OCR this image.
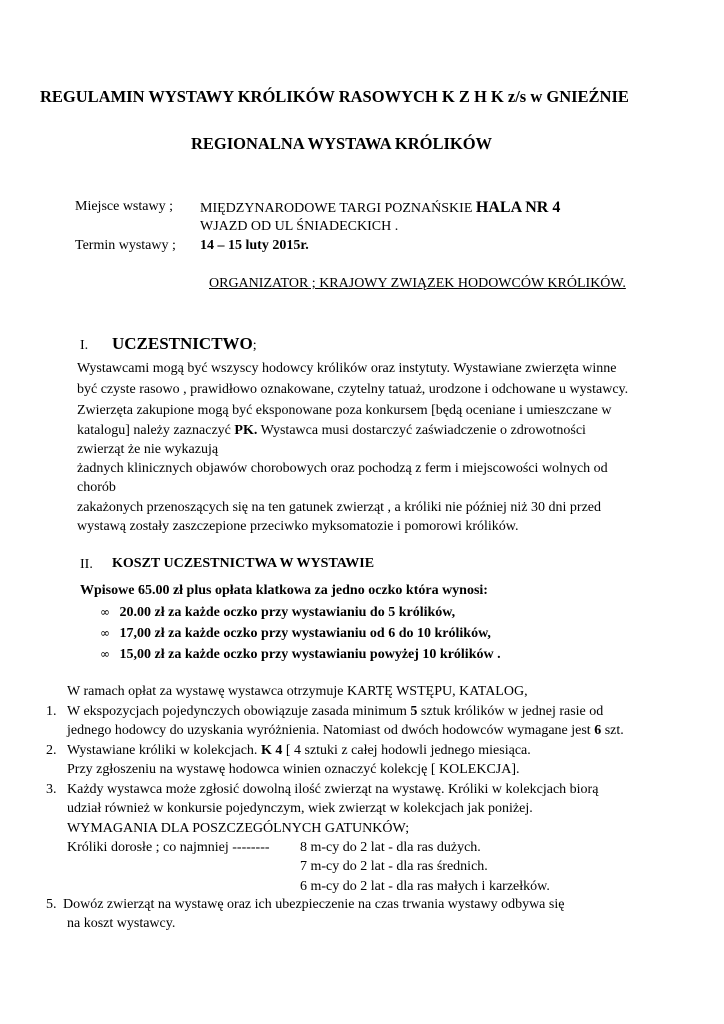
REGULAMIN WYSTAWY KRÓLIKÓW RASOWYCH K Z H K z/s w GNIEŹNIE
REGIONALNA WYSTAWA KRÓLIKÓW
Miejsce wstawy ; MIĘDZYNARODOWE TARGI POZNAŃSKIE HALA NR 4
WJAZD OD UL ŚNIADECKICH .
Termin wystawy ; 14 – 15 luty 2015r.
ORGANIZATOR ; KRAJOWY ZWIĄZEK HODOWCÓW KRÓLIKÓW.
I. UCZESTNICTWO;
Wystawcami mogą być wszyscy hodowcy królików oraz instytuty. Wystawiane zwierzęta winne
być czyste rasowo , prawidłowo oznakowane, czytelny tatuaż, urodzone i odchowane u wystawcy.
Zwierzęta zakupione mogą być eksponowane poza konkursem [będą oceniane i umieszczane w
katalogu] należy zaznaczyć PK. Wystawca musi dostarczyć zaświadczenie o zdrowotności
zwierząt że nie wykazują
żadnych klinicznych objawów chorobowych oraz pochodzą z ferm i miejscowości wolnych od
chorób
zakażonych przenoszących się na ten gatunek zwierząt , a króliki nie później niż 30 dni przed
wystawą zostały zaszczepione przeciwko myksomatozie i pomorowi królików.
II. KOSZT UCZESTNICTWA W WYSTAWIE
Wpisowe 65.00 zł plus opłata klatkowa za jedno oczko która wynosi:
∞ 20.00 zł za każde oczko przy wystawianiu do 5 królików,
∞ 17,00 zł za każde oczko przy wystawianiu od 6 do 10 królików,
∞ 15,00 zł za każde oczko przy wystawianiu powyżej 10 królików .
W ramach opłat za wystawę wystawca otrzymuje KARTĘ WSTĘPU, KATALOG,
1. W ekspozycjach pojedynczych obowiązuje zasada minimum 5 sztuk królików w jednej rasie od
jednego hodowcy do uzyskania wyróżnienia. Natomiast od dwóch hodowców wymagane jest 6 szt.
2. Wystawiane króliki w kolekcjach. K 4 [ 4 sztuki z całej hodowli jednego miesiąca.
Przy zgłoszeniu na wystawę hodowca winien oznaczyć kolekcję [ KOLEKCJA].
3. Każdy wystawca może zgłosić dowolną ilość zwierząt na wystawę. Króliki w kolekcjach biorą
udział również w konkursie pojedynczym, wiek zwierząt w kolekcjach jak poniżej.
WYMAGANIA DLA POSZCZEGÓLNYCH GATUNKÓW;
Króliki dorosłe ; co najmniej -------- 8 m-cy do 2 lat - dla ras dużych.
7 m-cy do 2 lat - dla ras średnich.
6 m-cy do 2 lat - dla ras małych i karzełków.
5. Dowóz zwierząt na wystawę oraz ich ubezpieczenie na czas trwania wystawy odbywa się
na koszt wystawcy.
